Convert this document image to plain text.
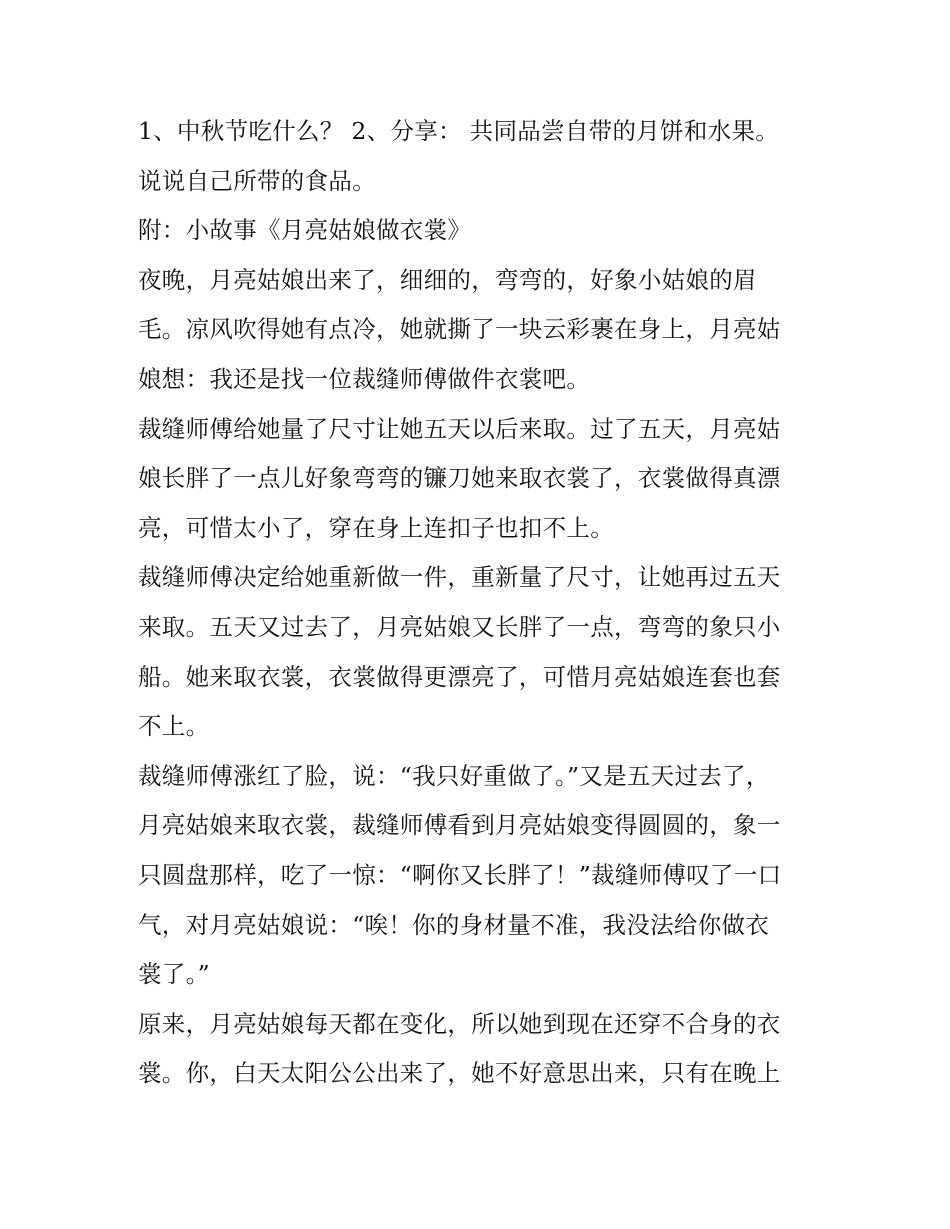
1、中秋节吃什么？ 2、分享： 共同品尝自带的月饼和水果。
说说自己所带的食品。
附：小故事《月亮姑娘做衣裳》
夜晚，月亮姑娘出来了，细细的，弯弯的，好象小姑娘的眉
毛。凉风吹得她有点冷，她就撕了一块云彩裹在身上，月亮姑
娘想：我还是找一位裁缝师傅做件衣裳吧。
裁缝师傅给她量了尺寸让她五天以后来取。过了五天，月亮姑
娘长胖了一点儿好象弯弯的镰刀她来取衣裳了，衣裳做得真漂
亮，可惜太小了，穿在身上连扣子也扣不上。
裁缝师傅决定给她重新做一件，重新量了尺寸，让她再过五天
来取。五天又过去了，月亮姑娘又长胖了一点，弯弯的象只小
船。她来取衣裳，衣裳做得更漂亮了，可惜月亮姑娘连套也套
不上。
裁缝师傅涨红了脸，说：“我只好重做了。”又是五天过去了，
月亮姑娘来取衣裳，裁缝师傅看到月亮姑娘变得圆圆的，象一
只圆盘那样，吃了一惊：“啊你又长胖了！”裁缝师傅叹了一口
气，对月亮姑娘说：“唉！你的身材量不准，我没法给你做衣
裳了。”
原来，月亮姑娘每天都在变化，所以她到现在还穿不合身的衣
裳。你，白天太阳公公出来了，她不好意思出来，只有在晚上
